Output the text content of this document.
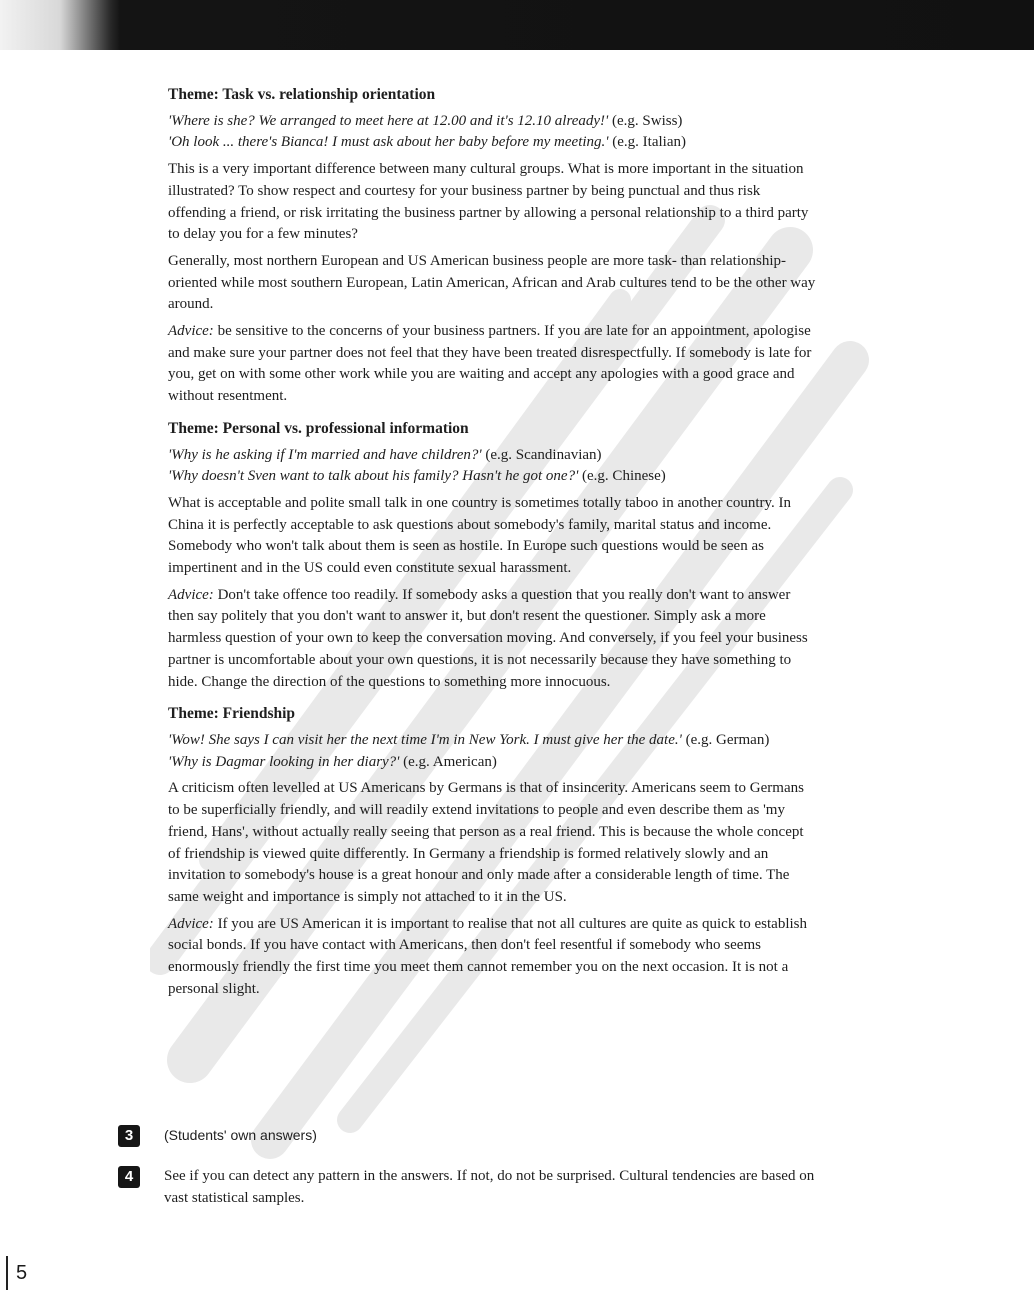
Theme: Task vs. relationship orientation
'Where is she? We arranged to meet here at 12.00 and it's 12.10 already!' (e.g. Swiss)
'Oh look ... there's Bianca! I must ask about her baby before my meeting.' (e.g. Italian)

This is a very important difference between many cultural groups. What is more important in the situation illustrated? To show respect and courtesy for your business partner by being punctual and thus risk offending a friend, or risk irritating the business partner by allowing a personal relationship to a third party to delay you for a few minutes?

Generally, most northern European and US American business people are more task- than relationship-oriented while most southern European, Latin American, African and Arab cultures tend to be the other way around.

Advice: be sensitive to the concerns of your business partners. If you are late for an appointment, apologise and make sure your partner does not feel that they have been treated disrespectfully. If somebody is late for you, get on with some other work while you are waiting and accept any apologies with a good grace and without resentment.

Theme: Personal vs. professional information
'Why is he asking if I'm married and have children?' (e.g. Scandinavian)
'Why doesn't Sven want to talk about his family? Hasn't he got one?' (e.g. Chinese)

What is acceptable and polite small talk in one country is sometimes totally taboo in another country. In China it is perfectly acceptable to ask questions about somebody's family, marital status and income. Somebody who won't talk about them is seen as hostile. In Europe such questions would be seen as impertinent and in the US could even constitute sexual harassment.

Advice: Don't take offence too readily. If somebody asks a question that you really don't want to answer then say politely that you don't want to answer it, but don't resent the questioner. Simply ask a more harmless question of your own to keep the conversation moving. And conversely, if you feel your business partner is uncomfortable about your own questions, it is not necessarily because they have something to hide. Change the direction of the questions to something more innocuous.

Theme: Friendship
'Wow! She says I can visit her the next time I'm in New York. I must give her the date.' (e.g. German)
'Why is Dagmar looking in her diary?' (e.g. American)

A criticism often levelled at US Americans by Germans is that of insincerity. Americans seem to Germans to be superficially friendly, and will readily extend invitations to people and even describe them as 'my friend, Hans', without actually really seeing that person as a real friend. This is because the whole concept of friendship is viewed quite differently. In Germany a friendship is formed relatively slowly and an invitation to somebody's house is a great honour and only made after a considerable length of time. The same weight and importance is simply not attached to it in the US.

Advice: If you are US American it is important to realise that not all cultures are quite as quick to establish social bonds. If you have contact with Americans, then don't feel resentful if somebody who seems enormously friendly the first time you meet them cannot remember you on the next occasion. It is not a personal slight.

3	(Students' own answers)
4	See if you can detect any pattern in the answers. If not, do not be surprised. Cultural tendencies are based on vast statistical samples.
5
